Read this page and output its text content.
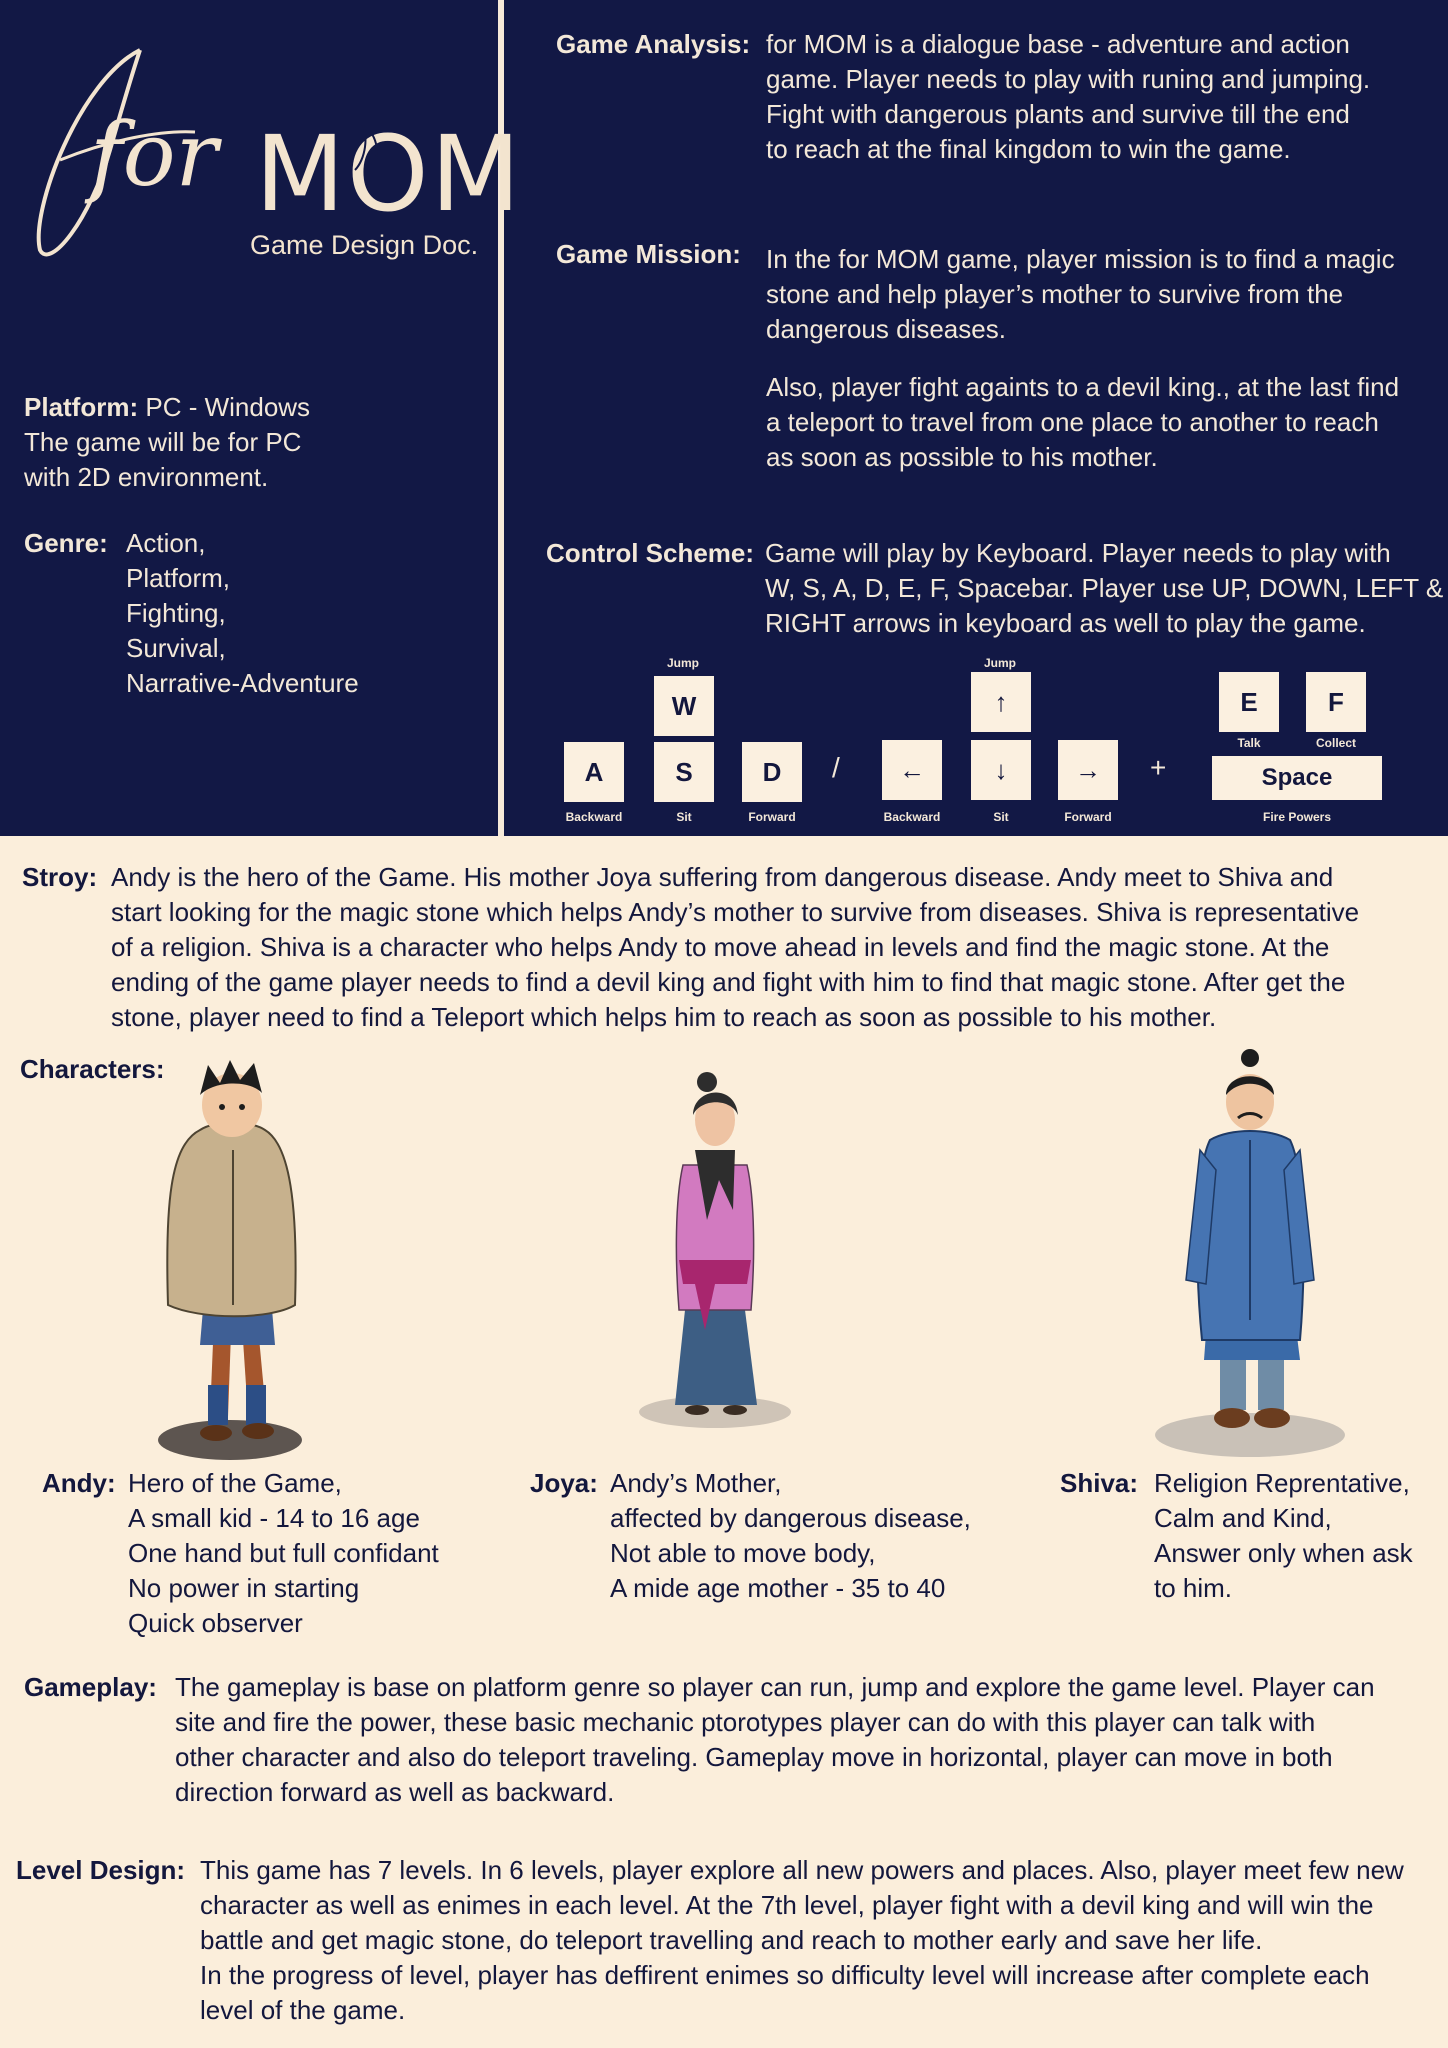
for MOM
Game Design Doc.
Platform: PC - Windows
The game will be for PC
with 2D environment.
Genre: Action,
Platform,
Fighting,
Survival,
Narrative-Adventure
Game Analysis: for MOM is a dialogue base - adventure and action
game. Player needs to play with runing and jumping.
Fight with dangerous plants and survive till the end
to reach at the final kingdom to win the game.
Game Mission: In the for MOM game, player mission is to find a magic
stone and help player’s mother to survive from the
dangerous diseases.
Also, player fight againts to a devil king., at the last find
a teleport to travel from one place to another to reach
as soon as possible to his mother.
Control Scheme: Game will play by Keyboard. Player needs to play with
W, S, A, D, E, F, Spacebar. Player use UP, DOWN, LEFT &
RIGHT arrows in keyboard as well to play the game.
Jump
W
A	S	D
Backward	Sit	Forward
/
Jump
↑
←	↓	→
Backward	Sit	Forward
+
E	F
Talk	Collect
Space
Fire Powers
Stroy: Andy is the hero of the Game. His mother Joya suffering from dangerous disease. Andy meet to Shiva and
start looking for the magic stone which helps Andy’s mother to survive from diseases. Shiva is representative
of a religion. Shiva is a character who helps Andy to move ahead in levels and find the magic stone. At the
ending of the game player needs to find a devil king and fight with him to find that magic stone. After get the
stone, player need to find a Teleport which helps him to reach as soon as possible to his mother.
Characters:
Andy: Hero of the Game,
A small kid - 14 to 16 age
One hand but full confidant
No power in starting
Quick observer
Joya: Andy’s Mother,
affected by dangerous disease,
Not able to move body,
A mide age mother - 35 to 40
Shiva: Religion Reprentative,
Calm and Kind,
Answer only when ask
to him.
Gameplay: The gameplay is base on platform genre so player can run, jump and explore the game level. Player can
site and fire the power, these basic mechanic ptorotypes player can do with this player can talk with
other character and also do teleport traveling. Gameplay move in horizontal, player can move in both
direction forward as well as backward.
Level Design: This game has 7 levels. In 6 levels, player explore all new powers and places. Also, player meet few new
character as well as enimes in each level. At the 7th level, player fight with a devil king and will win the
battle and get magic stone, do teleport travelling and reach to mother early and save her life.
In the progress of level, player has deffirent enimes so difficulty level will increase after complete each
level of the game.
